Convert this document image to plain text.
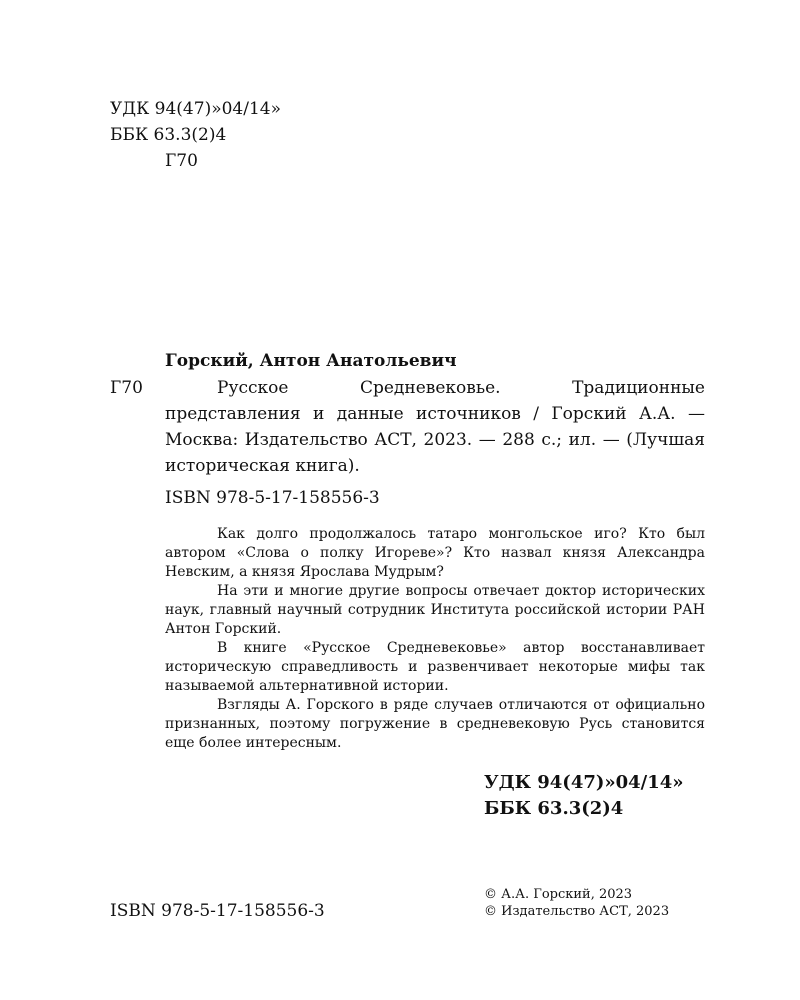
УДК 94(47)»04/14»
ББК 63.3(2)4
Г70
Горский, Антон Анатольевич
Г70	Русское Средневековье. Традиционные представления и данные источников / Горский А.А. — Москва: Издательство АСТ, 2023. — 288 с.; ил. — (Лучшая историческая книга).
ISBN 978-5-17-158556-3

Как долго продолжалось татаро монгольское иго? Кто был автором «Слова о полку Игореве»? Кто назвал князя Александра Невским, а князя Ярослава Мудрым?

На эти и многие другие вопросы отвечает доктор исторических наук, главный научный сотрудник Института российской истории РАН Антон Горский.

В книге «Русское Средневековье» автор восстанавливает историческую справедливость и развенчивает некоторые мифы так называемой альтернативной истории.

Взгляды А. Горского в ряде случаев отличаются от официально признанных, поэтому погружение в средневековую Русь становится еще более интересным.

УДК 94(47)»04/14»
ББК 63.3(2)4
ISBN 978-5-17-158556-3
© А.А. Горский, 2023
© Издательство АСТ, 2023
